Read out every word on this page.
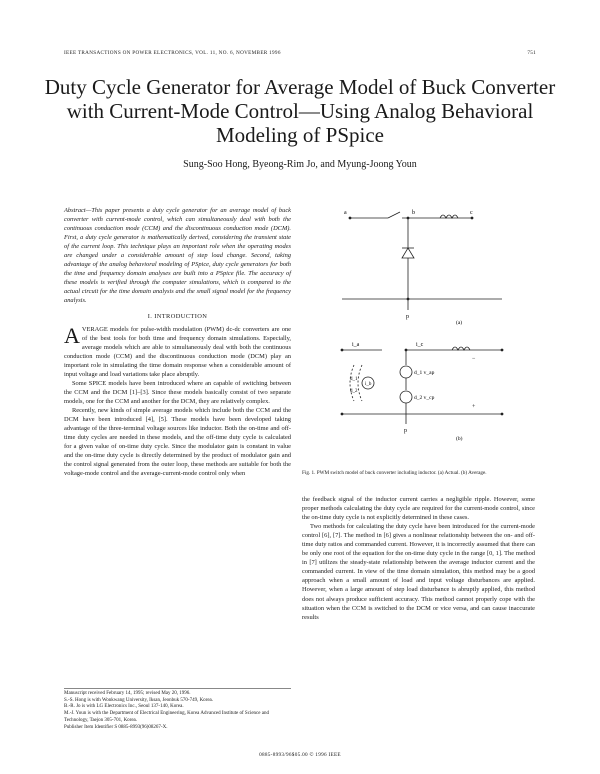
IEEE TRANSACTIONS ON POWER ELECTRONICS, VOL. 11, NO. 6, NOVEMBER 1996	751
Duty Cycle Generator for Average Model of Buck Converter with Current-Mode Control—Using Analog Behavioral Modeling of PSpice
Sung-Soo Hong, Byeong-Rim Jo, and Myung-Joong Youn

Abstract—This paper presents a duty cycle generator for an average model of buck converter with current-mode control, which can simultaneously deal with both the continuous conduction mode (CCM) and the discontinuous conduction mode (DCM). First, a duty cycle generator is mathematically derived, considering the transient state of the current loop. This technique plays an important role when the operating modes are changed under a considerable amount of step load change. Second, taking advantage of the analog behavioral modeling of PSpice, duty cycle generators for both the time and frequency domain analyses are built into a PSpice file. The accuracy of these models is verified through the computer simulations, which is compared to the actual circuit for the time domain analysis and the small signal model for the frequency analysis.

I. INTRODUCTION

AVERAGE models for pulse-width modulation (PWM) dc-dc converters are one of the best tools for both time and frequency domain simulations. Especially, average models which are able to simultaneously deal with both the continuous conduction mode (CCM) and the discontinuous conduction mode (DCM) play an important role in simulating the time domain response when a considerable amount of input voltage and load variations take place abruptly.

Some SPICE models have been introduced where an capable of switching between the CCM and the DCM [1]–[3]. Since these models basically consist of two separate models, one for the CCM and another for the DCM, they are relatively complex.

Recently, new kinds of simple average models which include both the CCM and the DCM have been introduced [4], [5]. These models have been developed taking advantage of the three-terminal voltage sources like inductor. Both the on-time and off-time duty cycles are needed in these models, and the off-time duty cycle is calculated for a given value of on-time duty cycle. Since the modulator gain is constant in value and the on-time duty cycle is directly determined by the product of modulator gain and the control signal generated from the outer loop, these methods are suitable for both the voltage-mode control and the average-current-mode control only when

Manuscript received February 14, 1995; revised May 20, 1996.
S.-S. Hong is with Wonkwang University, Iksan, Jeonbuk 570-749, Korea.
B.-R. Jo is with LG Electronics Inc., Seoul 137-140, Korea.
M.-J. Youn is with the Department of Electrical Engineering, Korea Advanced Institute of Science and Technology, Taejon 305-701, Korea.
Publisher Item Identifier S 0885-8993(96)08267-X.
a	b	c
p
(a)
i_a	i_c
d_1 v_ap
d_2 v_cp
d_1
d_2
i_b
−
+
p
(b)
Fig. 1. PWM switch model of buck converter including inductor. (a) Actual. (b) Average.

the feedback signal of the inductor current carries a negligible ripple. However, some proper methods calculating the duty cycle are required for the current-mode control, since the on-time duty cycle is not explicitly determined in these cases.

Two methods for calculating the duty cycle have been introduced for the current-mode control [6], [7]. The method in [6] gives a nonlinear relationship between the on- and off-time duty ratios and commanded current. However, it is incorrectly assumed that there can be only one root of the equation for the on-time duty cycle in the range [0, 1]. The method in [7] utilizes the steady-state relationship between the average inductor current and the commanded current. In view of the time domain simulation, this method may be a good approach when a small amount of load and input voltage disturbances are applied. However, when a large amount of step load disturbance is abruptly applied, this method does not always produce sufficient accuracy. This method cannot properly cope with the situation when the CCM is switched to the DCM or vice versa, and can cause inaccurate results

0885-8993/96$05.00 © 1996 IEEE
